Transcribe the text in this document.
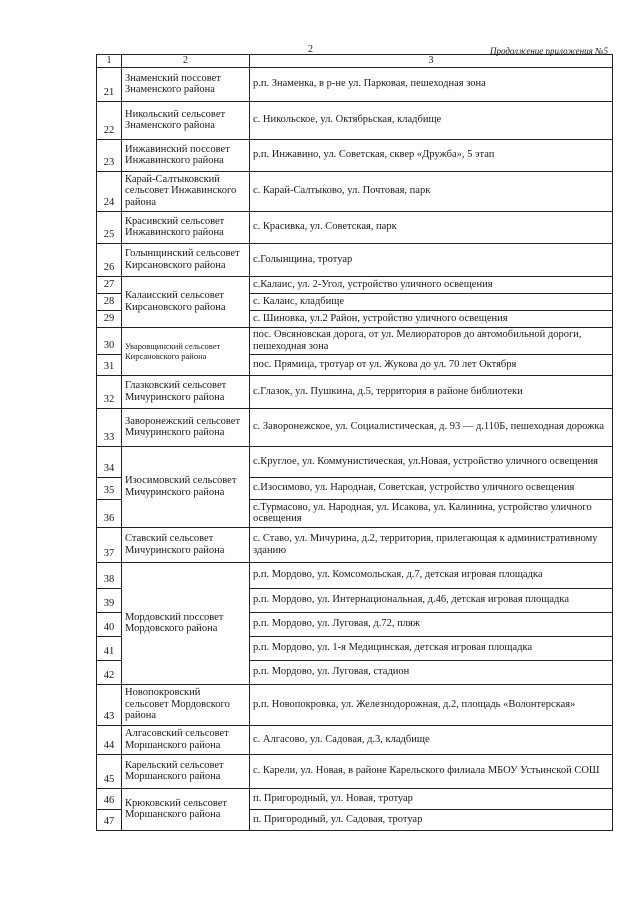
2	Продолжение приложения №5
1	2	3
21	Знаменский поссовет Знаменского района	р.п. Знаменка, в р-не ул. Парковая, пешеходная зона
22	Никольский сельсовет Знаменского района	с. Никольское, ул. Октябрьская, кладбище
23	Инжавинский поссовет Инжавинского района	р.п. Инжавино, ул. Советская, сквер «Дружба», 5 этап
24	Карай-Салтыковский сельсовет Инжавинского района	с. Карай-Салтыково, ул. Почтовая, парк
25	Красивский сельсовет Инжавинского района	с. Красивка, ул. Советская, парк
26	Голынщинский сельсовет Кирсановского района	с.Голынщина, тротуар
27	Калаисский сельсовет Кирсановского района	с.Калаис, ул. 2-Угол, устройство уличного освещения
28		с. Калаис, кладбище
29		с. Шиновка, ул.2 Район, устройство уличного освещения
30	Уваровщинский сельсовет Кирсановского района	пос. Овсяновская дорога, от ул. Мелиораторов до автомобильной дороги, пешеходная зона
31		пос. Прямица, тротуар от ул. Жукова до ул. 70 лет Октября
32	Глазковский сельсовет Мичуринского района	с.Глазок, ул. Пушкина, д.5, территория в районе библиотеки
33	Заворонежский сельсовет Мичуринского района	с. Заворонежское, ул. Социалистическая, д. 93 — д.110Б, пешеходная дорожка
34	Изосимовский сельсовет Мичуринского района	с.Круглое, ул. Коммунистическая, ул.Новая, устройство уличного освещения
35		с.Изосимово, ул. Народная, Советская, устройство уличного освещения
36		с.Турмасово, ул. Народная, ул. Исакова, ул. Калинина, устройство уличного освещения
37	Ставский сельсовет Мичуринского района	с. Ставо, ул. Мичурина, д.2, территория, прилегающая к административному зданию
38	Мордовский поссовет Мордовского района	р.п. Мордово, ул. Комсомольская, д.7, детская игровая площадка
39		р.п. Мордово, ул. Интернациональная, д.46, детская игровая площадка
40		р.п. Мордово, ул. Луговая, д.72, пляж
41		р.п. Мордово, ул. 1-я Медицинская, детская игровая площадка
42		р.п. Мордово, ул. Луговая, стадион
43	Новопокровский сельсовет Мордовского района	р.п. Новопокровка, ул. Железнодорожная, д.2, площадь «Волонтерская»
44	Алгасовский сельсовет Моршанского района	с. Алгасово, ул. Садовая, д.3, кладбище
45	Карельский сельсовет Моршанского района	с. Карели, ул. Новая, в районе Карельского филиала МБОУ Устьинской СОШ
46	Крюковский сельсовет Моршанского района	п. Пригородный, ул. Новая, тротуар
47		п. Пригородный, ул. Садовая, тротуар
